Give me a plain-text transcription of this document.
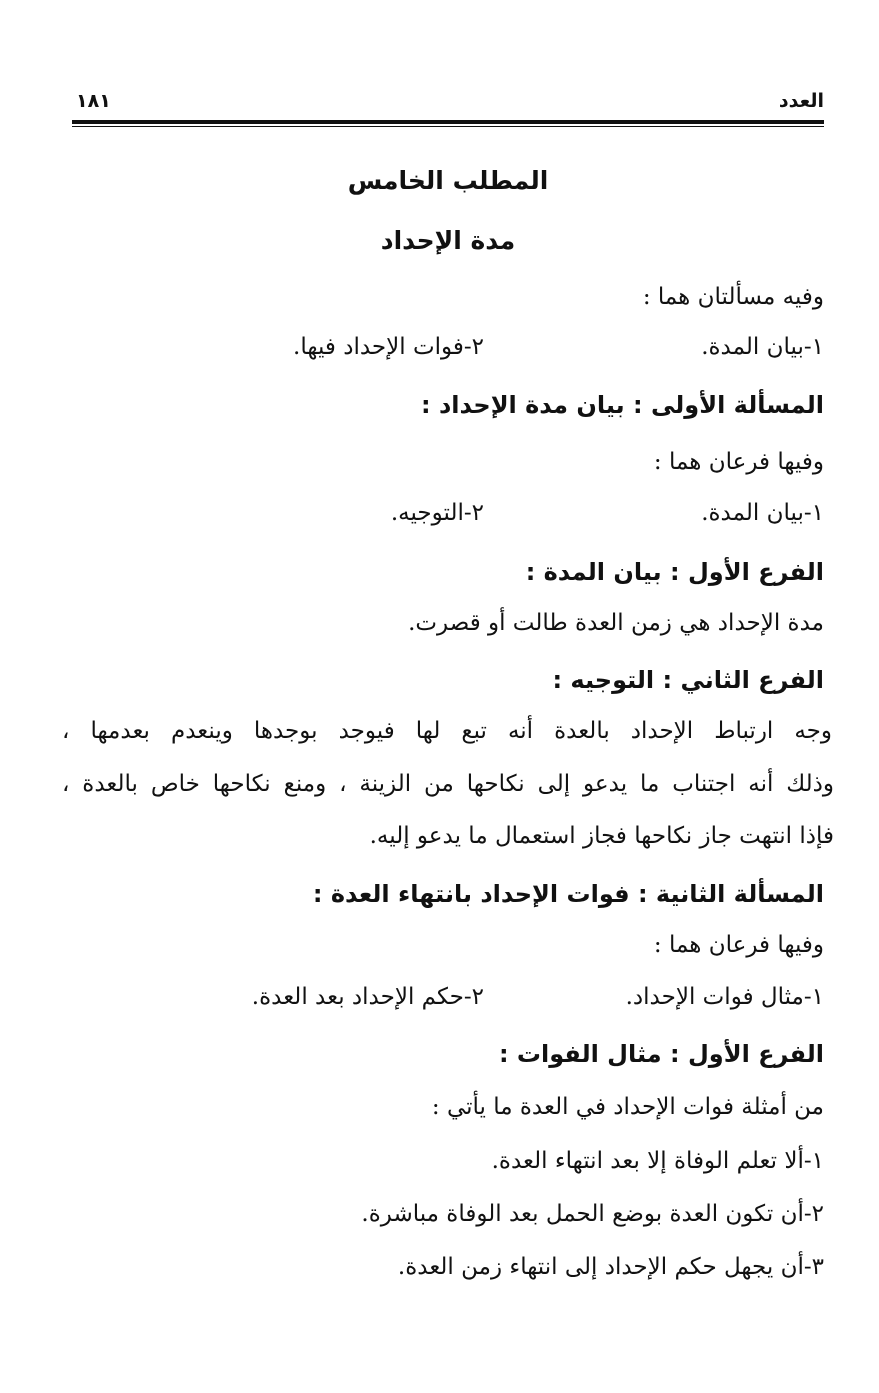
العدد
١٨١
المطلب الخامس
مدة الإحداد
وفيه مسألتان هما :
١-بيان المدة.
٢-فوات الإحداد فيها.
المسألة الأولى : بيان مدة الإحداد :
وفيها فرعان هما :
١-بيان المدة.
٢-التوجيه.
الفرع الأول : بيان المدة :
مدة الإحداد هي زمن العدة طالت أو قصرت.
الفرع الثاني : التوجيه :
وجه ارتباط الإحداد بالعدة أنه تبع لها فيوجد بوجدها وينعدم بعدمها ،
وذلك أنه اجتناب ما يدعو إلى نكاحها من الزينة ، ومنع نكاحها خاص بالعدة ،
فإذا انتهت جاز نكاحها فجاز استعمال ما يدعو إليه.
المسألة الثانية : فوات الإحداد بانتهاء العدة :
وفيها فرعان هما :
١-مثال فوات الإحداد.
٢-حكم الإحداد بعد العدة.
الفرع الأول : مثال الفوات :
من أمثلة فوات الإحداد في العدة ما يأتي :
١-ألا تعلم الوفاة إلا بعد انتهاء العدة.
٢-أن تكون العدة بوضع الحمل بعد الوفاة مباشرة.
٣-أن يجهل حكم الإحداد إلى انتهاء زمن العدة.
